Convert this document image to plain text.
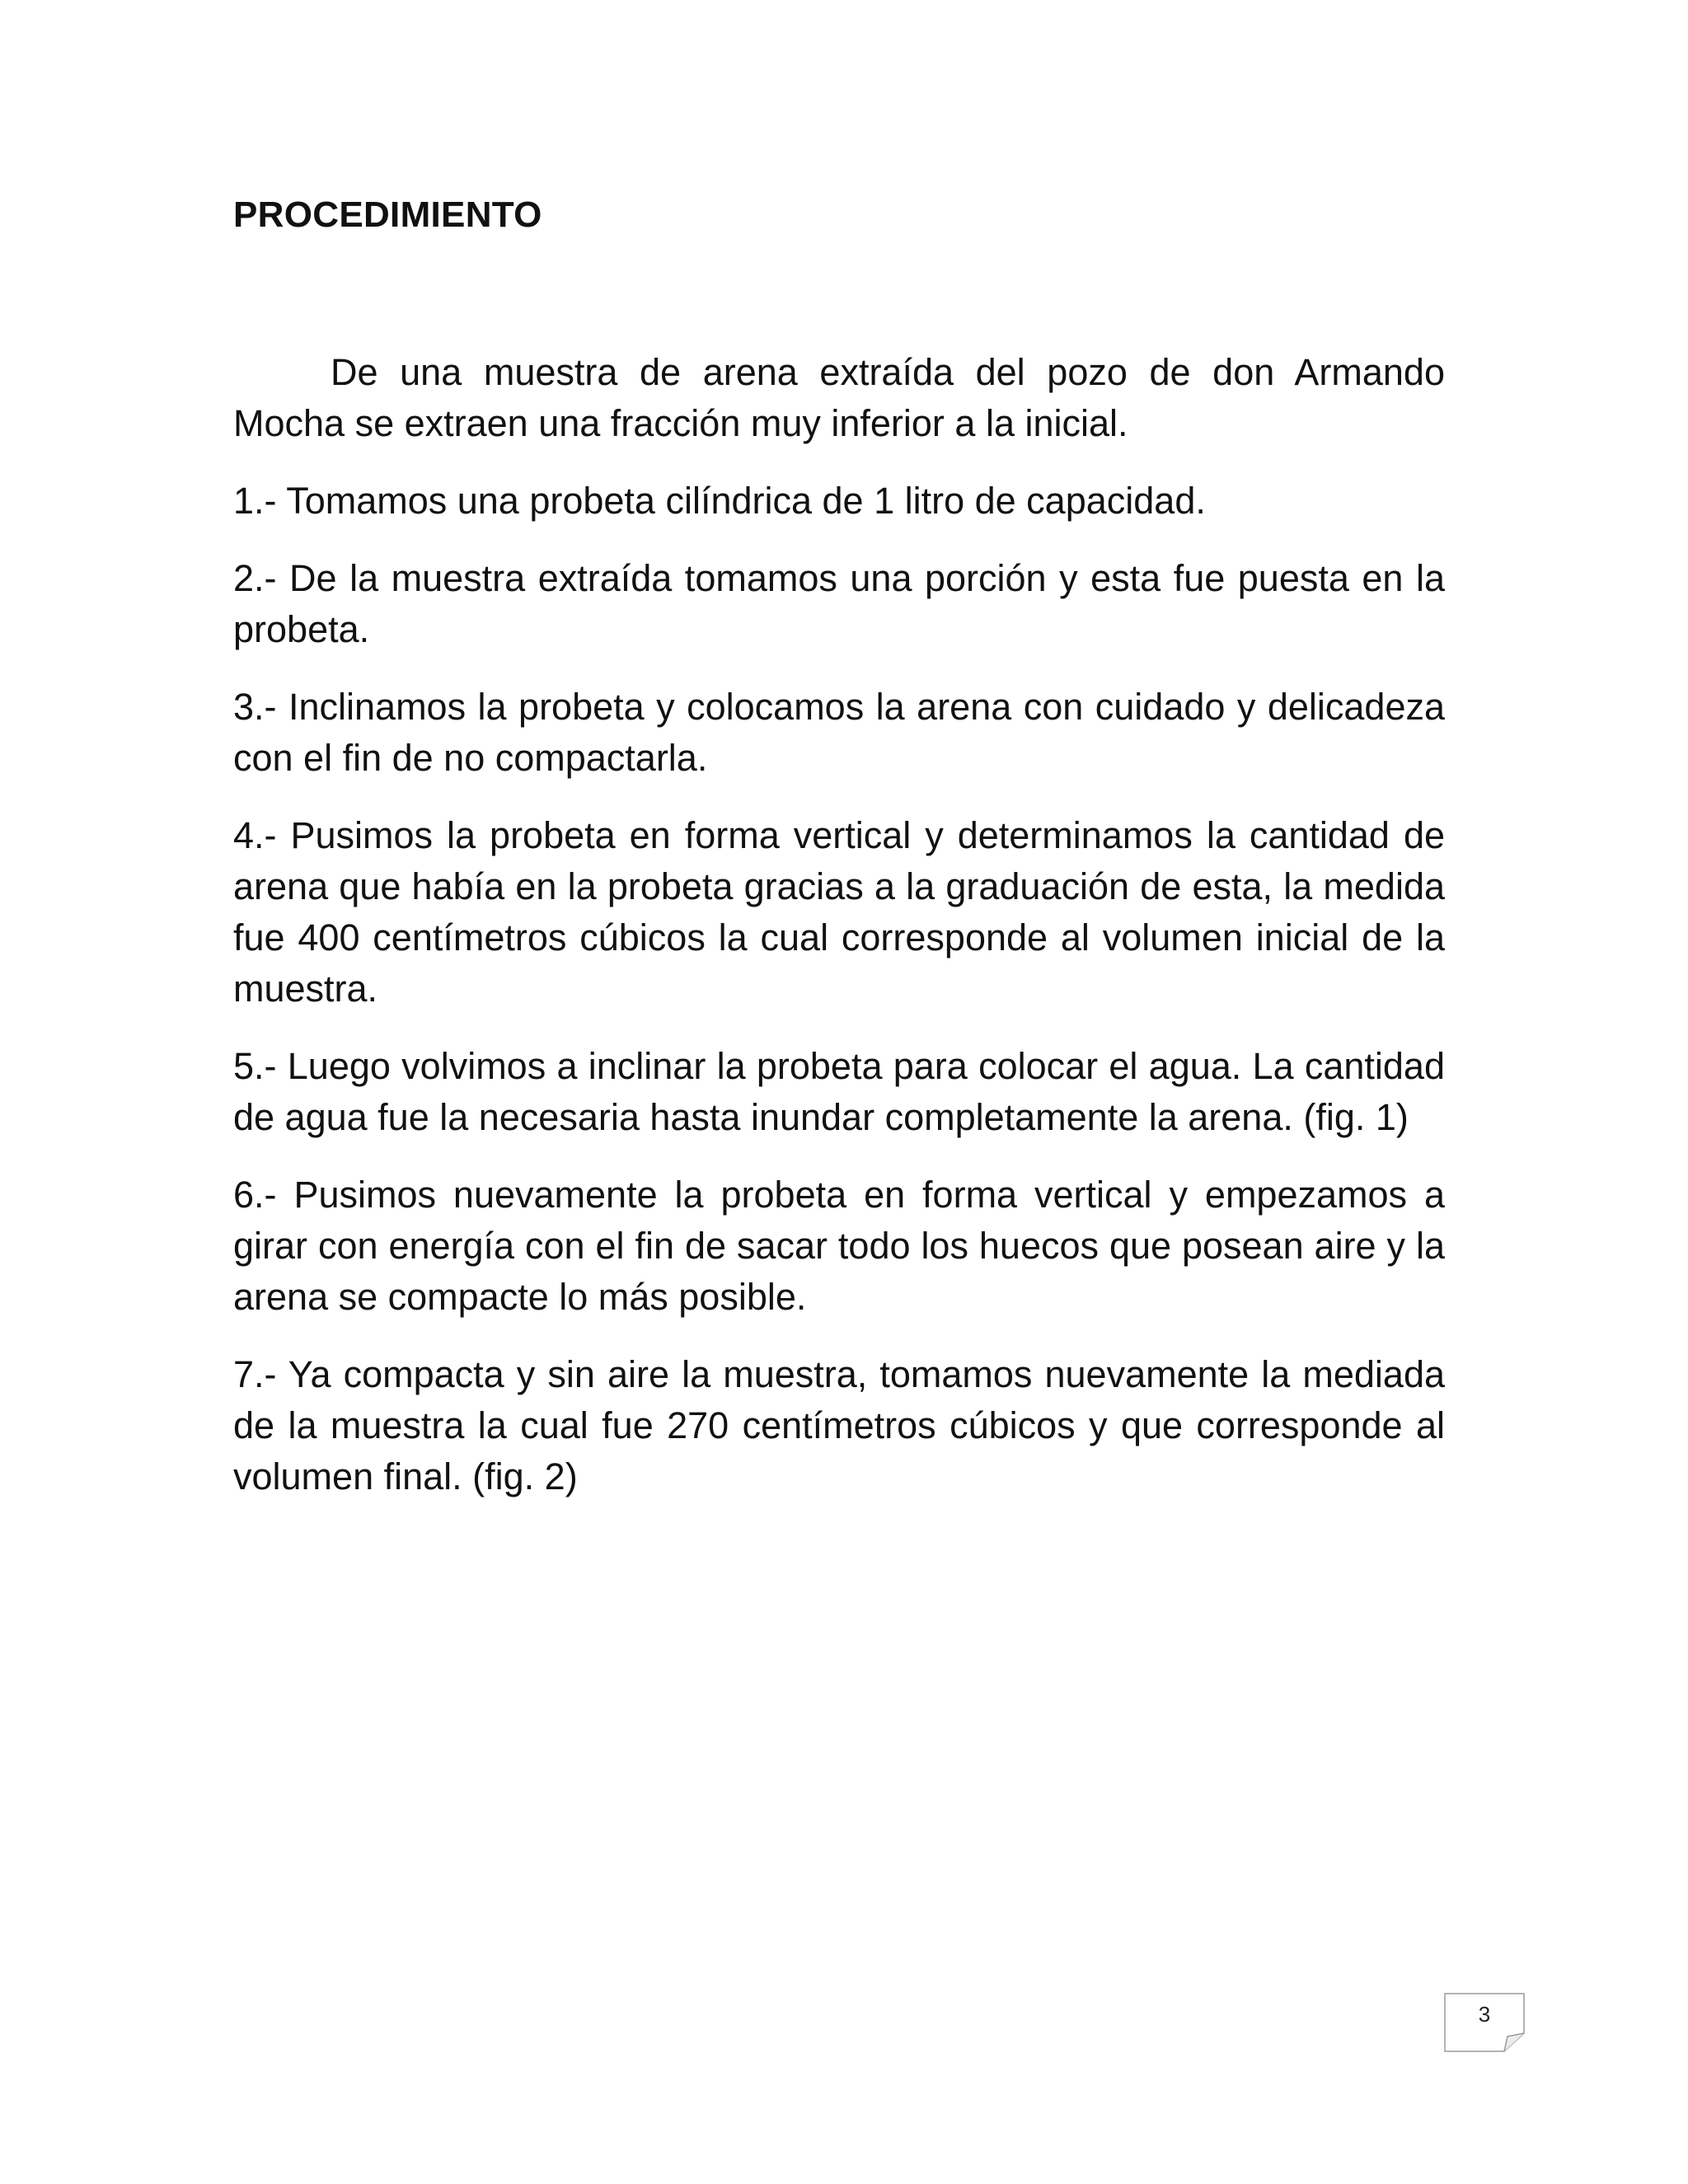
PROCEDIMIENTO

De una muestra de arena extraída del pozo de don Armando Mocha se extraen una fracción muy inferior a la inicial.

1.- Tomamos una probeta cilíndrica de 1 litro de capacidad.

2.- De la muestra extraída tomamos una porción y esta fue puesta en la probeta.

3.- Inclinamos la probeta y colocamos la arena con cuidado y delicadeza con el fin de no compactarla.

4.- Pusimos la probeta en forma vertical y determinamos la cantidad de arena que había en la probeta gracias a la graduación de esta, la medida fue 400 centímetros cúbicos la cual corresponde al volumen inicial de la muestra.

5.- Luego volvimos a inclinar la probeta para colocar el agua. La cantidad de agua fue la necesaria hasta inundar completamente la arena. (fig. 1)

6.- Pusimos nuevamente la probeta en forma vertical y empezamos a girar con energía con el fin de sacar todo los huecos que posean aire y la arena se compacte lo más posible.

7.- Ya compacta y sin aire la muestra, tomamos nuevamente la mediada de la muestra la cual fue 270 centímetros cúbicos y que corresponde al volumen final. (fig. 2)

3
